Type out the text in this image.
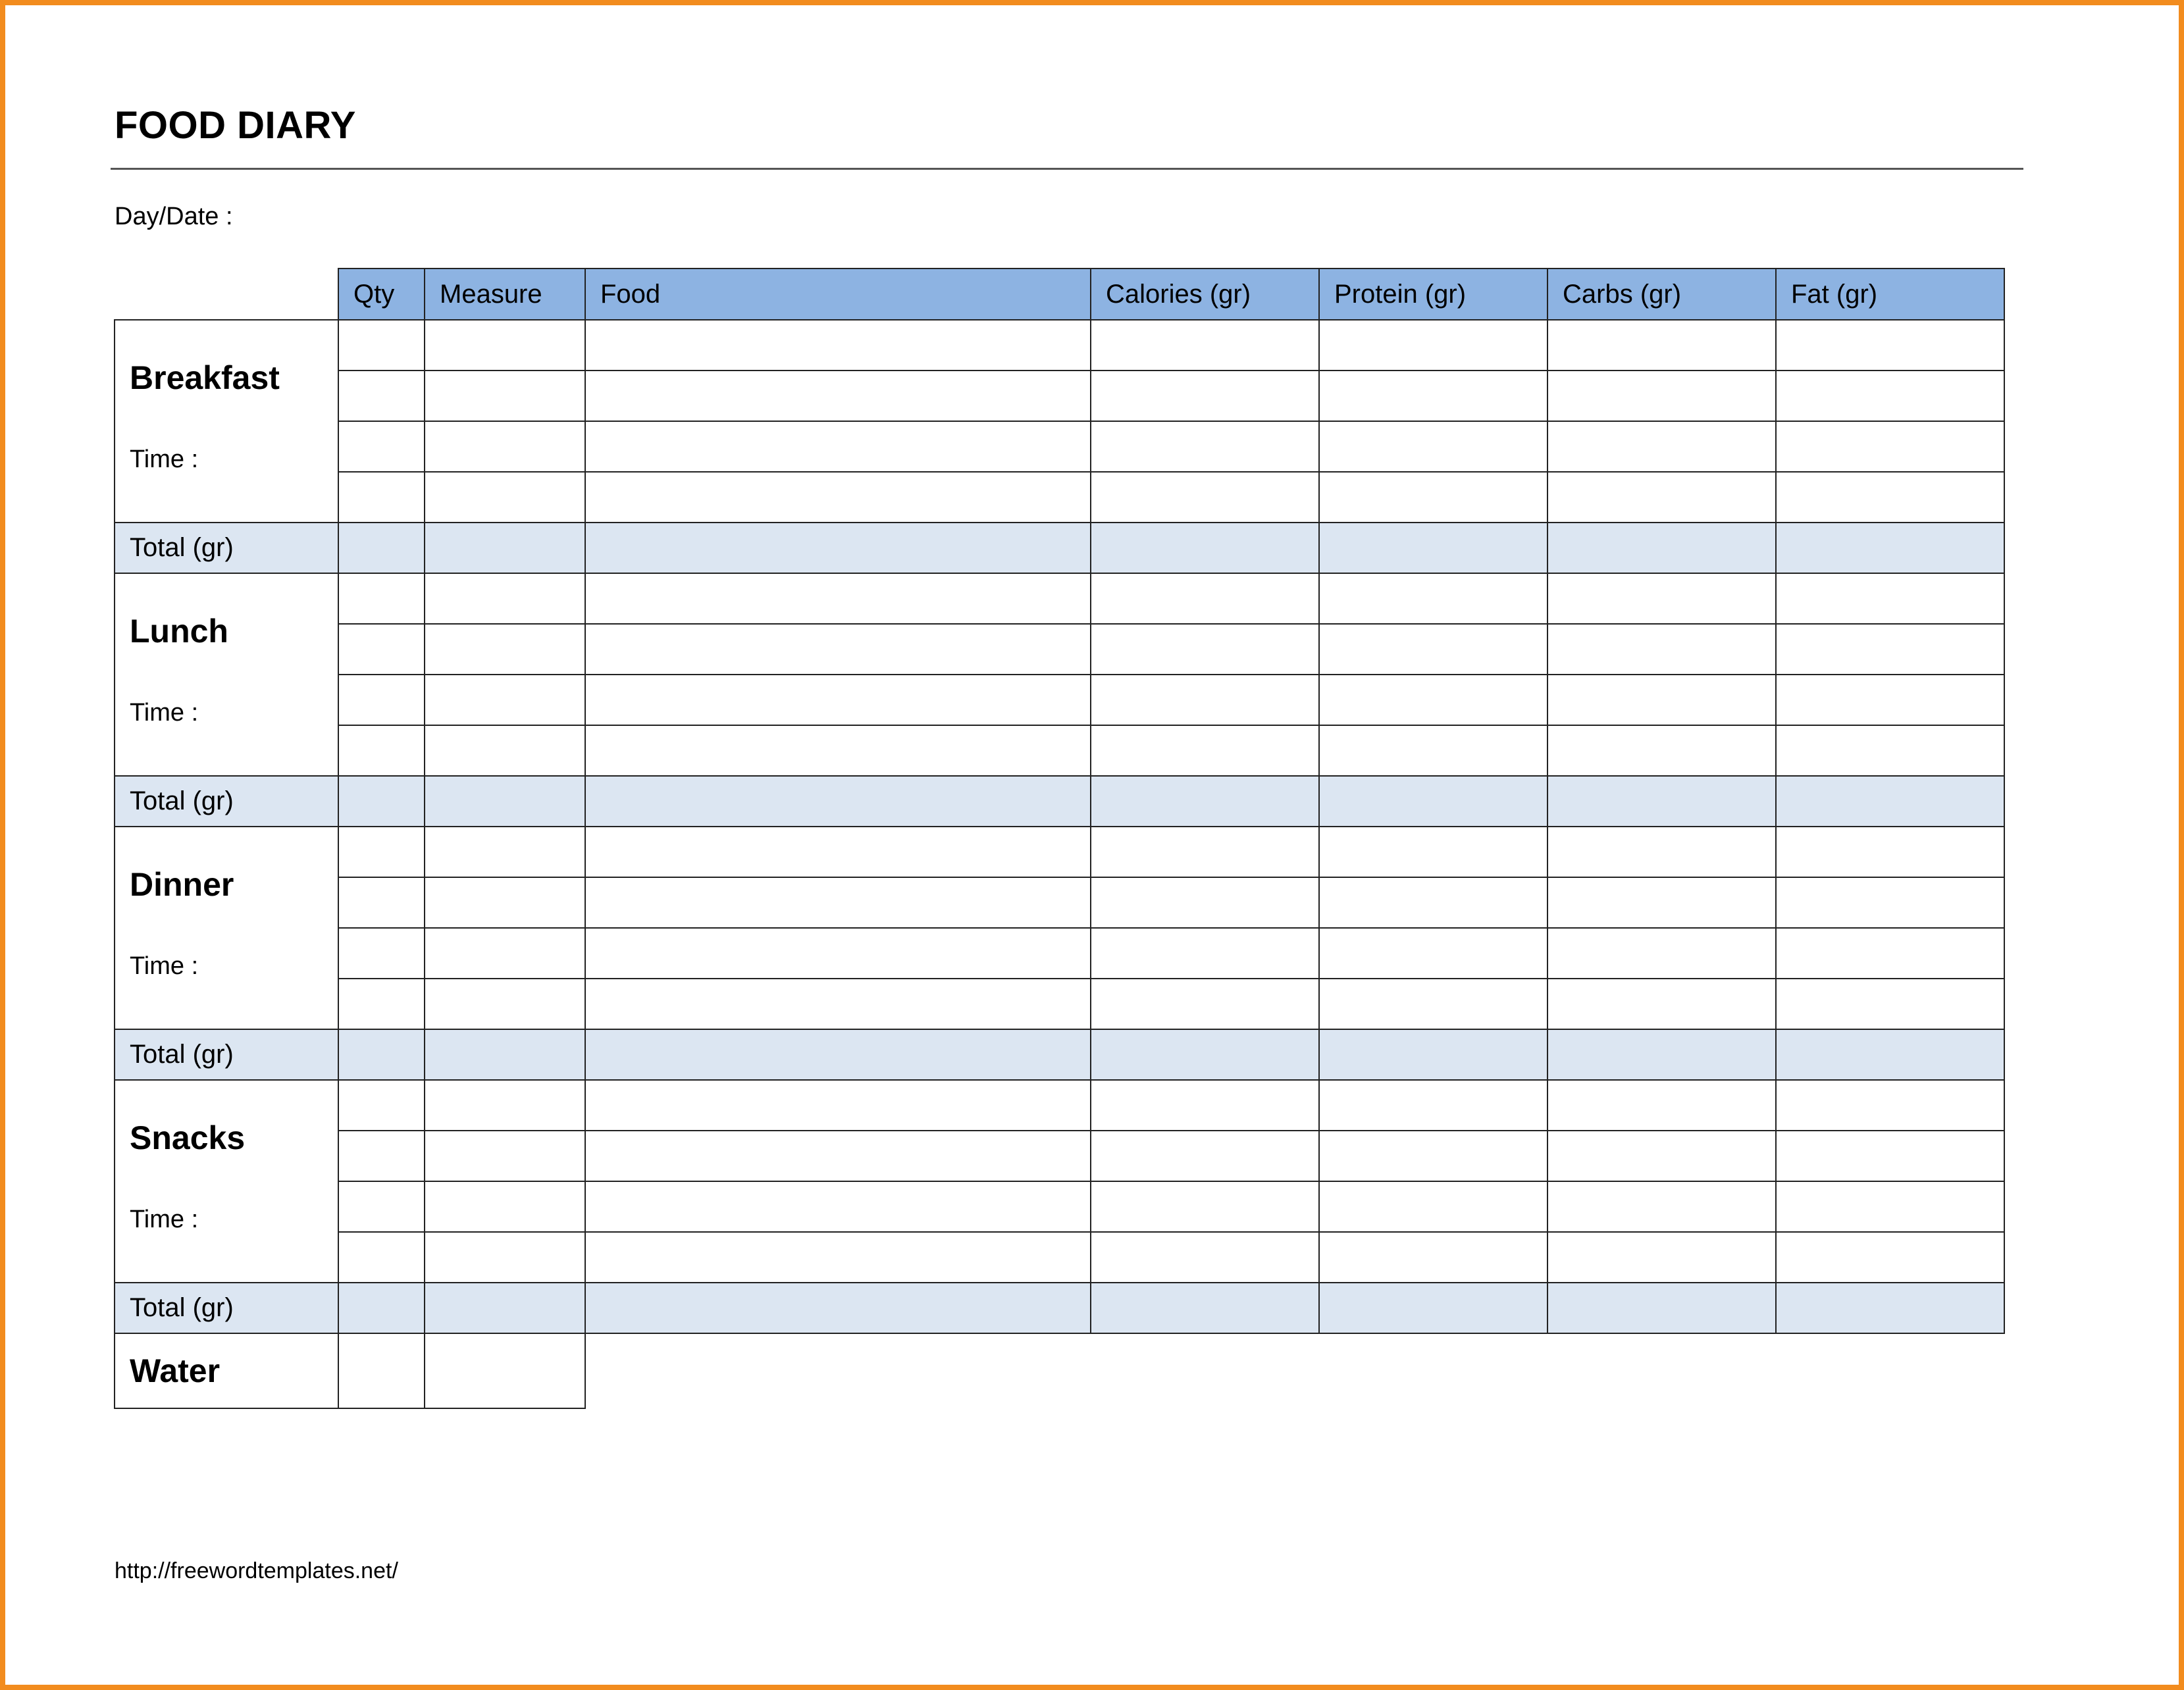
FOOD DIARY
Day/Date :
	Qty	Measure	Food	Calories (gr)	Protein (gr)	Carbs (gr)	Fat (gr)

Breakfast
Time :							

Total (gr)							

Lunch
Time :							

Total (gr)							

Dinner
Time :							

Total (gr)							

Snacks
Time :							

Total (gr)							
Water							
http://freewordtemplates.net/
